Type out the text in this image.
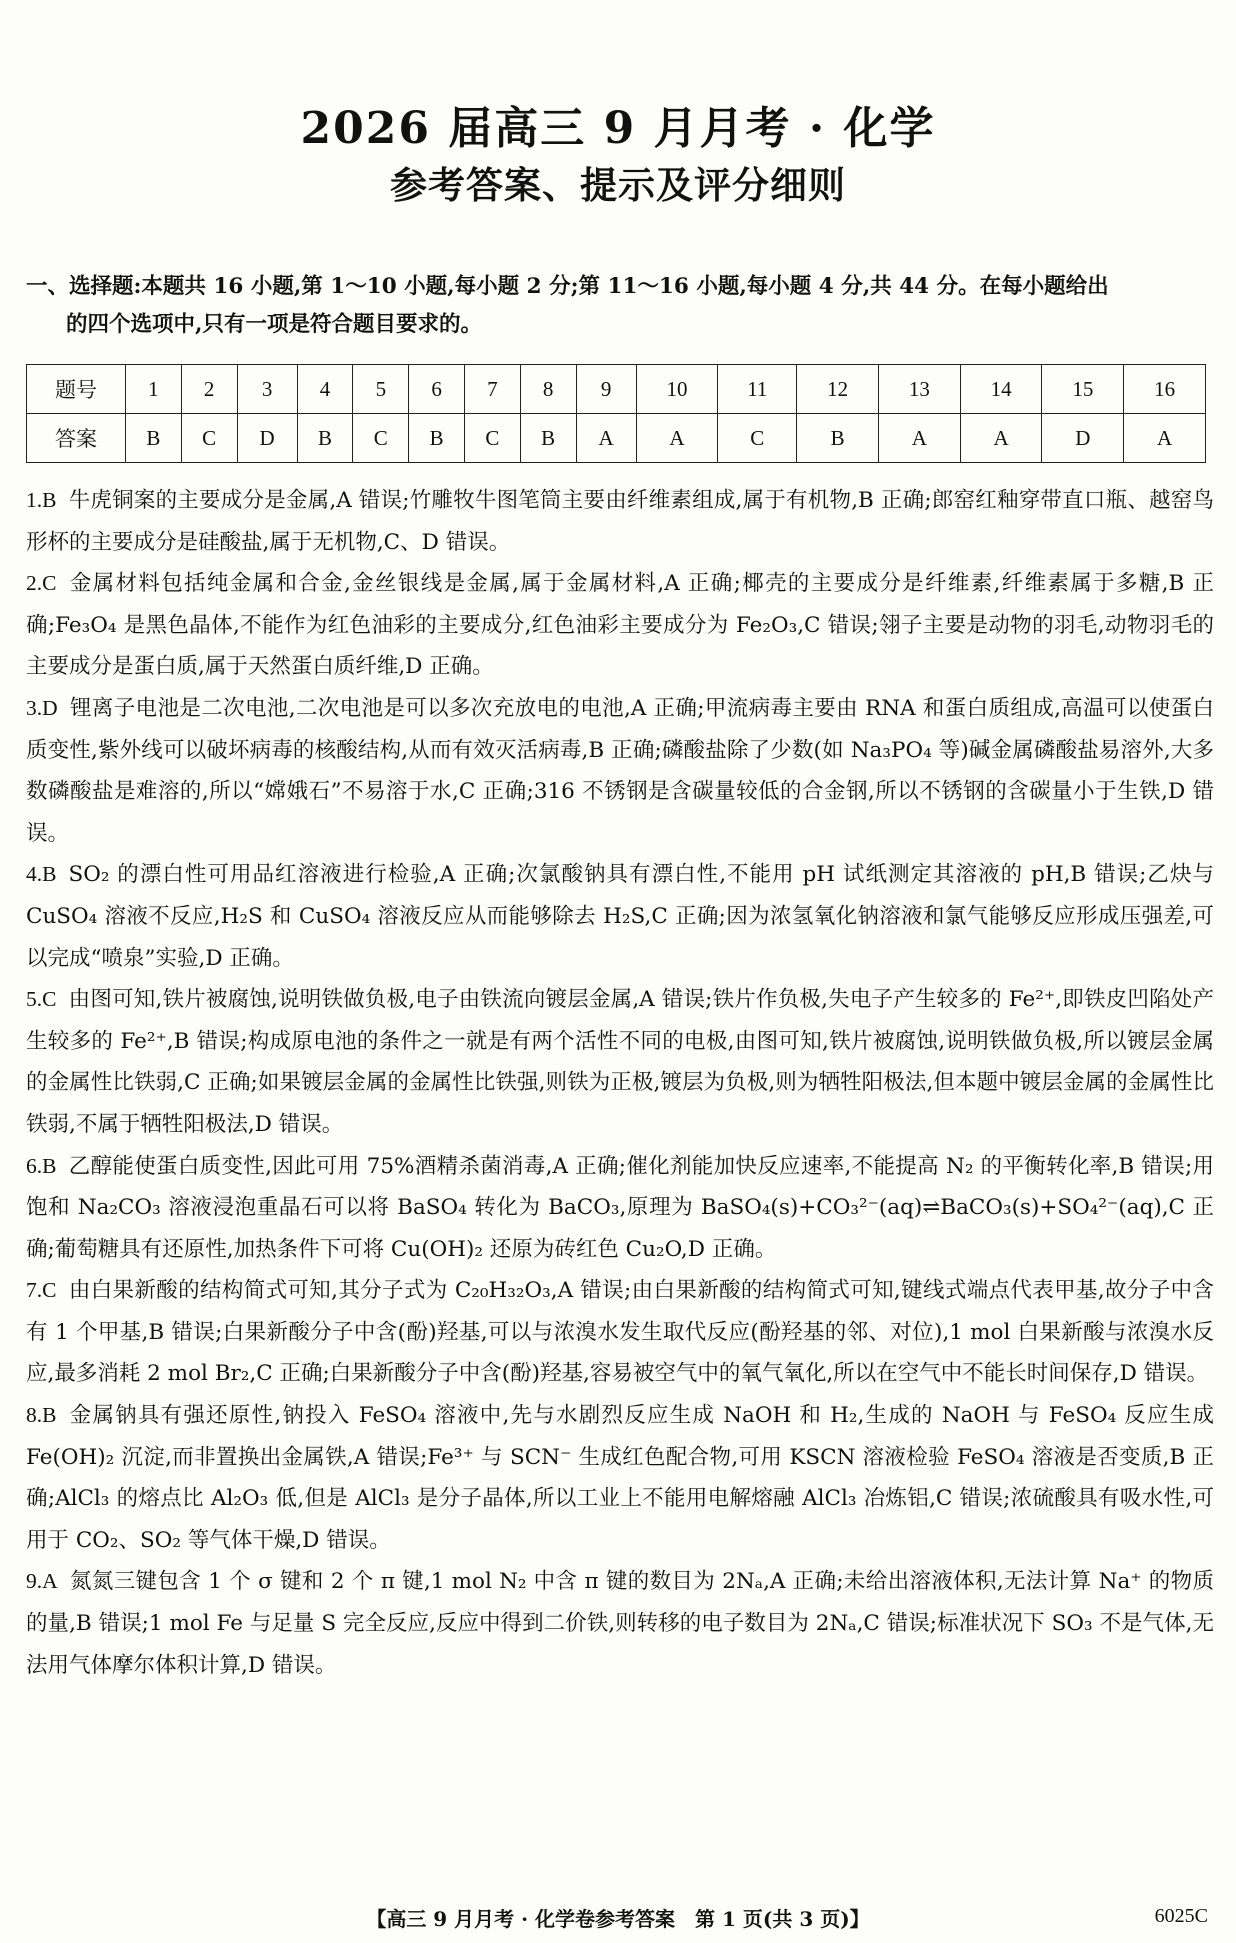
2026 届高三 9 月月考 · 化学
参考答案、提示及评分细则
一、选择题:本题共 16 小题,第 1～10 小题,每小题 2 分;第 11～16 小题,每小题 4 分,共 44 分。在每小题给出
的四个选项中,只有一项是符合题目要求的。
题号	1	2	3	4	5	6	7	8	9	10	11	12	13	14	15	16
答案	B	C	D	B	C	B	C	B	A	A	C	B	A	A	D	A

1.B 牛虎铜案的主要成分是金属,A 错误;竹雕牧牛图笔筒主要由纤维素组成,属于有机物,B 正确;郎窑红釉穿带直口瓶、越窑鸟形杯的主要成分是硅酸盐,属于无机物,C、D 错误。

2.C 金属材料包括纯金属和合金,金丝银线是金属,属于金属材料,A 正确;椰壳的主要成分是纤维素,纤维素属于多糖,B 正确;Fe₃O₄ 是黑色晶体,不能作为红色油彩的主要成分,红色油彩主要成分为 Fe₂O₃,C 错误;翎子主要是动物的羽毛,动物羽毛的主要成分是蛋白质,属于天然蛋白质纤维,D 正确。

3.D 锂离子电池是二次电池,二次电池是可以多次充放电的电池,A 正确;甲流病毒主要由 RNA 和蛋白质组成,高温可以使蛋白质变性,紫外线可以破坏病毒的核酸结构,从而有效灭活病毒,B 正确;磷酸盐除了少数(如 Na₃PO₄ 等)碱金属磷酸盐易溶外,大多数磷酸盐是难溶的,所以“嫦娥石”不易溶于水,C 正确;316 不锈钢是含碳量较低的合金钢,所以不锈钢的含碳量小于生铁,D 错误。

4.B SO₂ 的漂白性可用品红溶液进行检验,A 正确;次氯酸钠具有漂白性,不能用 pH 试纸测定其溶液的 pH,B 错误;乙炔与 CuSO₄ 溶液不反应,H₂S 和 CuSO₄ 溶液反应从而能够除去 H₂S,C 正确;因为浓氢氧化钠溶液和氯气能够反应形成压强差,可以完成“喷泉”实验,D 正确。

5.C 由图可知,铁片被腐蚀,说明铁做负极,电子由铁流向镀层金属,A 错误;铁片作负极,失电子产生较多的 Fe²⁺,即铁皮凹陷处产生较多的 Fe²⁺,B 错误;构成原电池的条件之一就是有两个活性不同的电极,由图可知,铁片被腐蚀,说明铁做负极,所以镀层金属的金属性比铁弱,C 正确;如果镀层金属的金属性比铁强,则铁为正极,镀层为负极,则为牺牲阳极法,但本题中镀层金属的金属性比铁弱,不属于牺牲阳极法,D 错误。

6.B 乙醇能使蛋白质变性,因此可用 75%酒精杀菌消毒,A 正确;催化剂能加快反应速率,不能提高 N₂ 的平衡转化率,B 错误;用饱和 Na₂CO₃ 溶液浸泡重晶石可以将 BaSO₄ 转化为 BaCO₃,原理为 BaSO₄(s)+CO₃²⁻(aq)⇌BaCO₃(s)+SO₄²⁻(aq),C 正确;葡萄糖具有还原性,加热条件下可将 Cu(OH)₂ 还原为砖红色 Cu₂O,D 正确。

7.C 由白果新酸的结构简式可知,其分子式为 C₂₀H₃₂O₃,A 错误;由白果新酸的结构简式可知,键线式端点代表甲基,故分子中含有 1 个甲基,B 错误;白果新酸分子中含(酚)羟基,可以与浓溴水发生取代反应(酚羟基的邻、对位),1 mol 白果新酸与浓溴水反应,最多消耗 2 mol Br₂,C 正确;白果新酸分子中含(酚)羟基,容易被空气中的氧气氧化,所以在空气中不能长时间保存,D 错误。

8.B 金属钠具有强还原性,钠投入 FeSO₄ 溶液中,先与水剧烈反应生成 NaOH 和 H₂,生成的 NaOH 与 FeSO₄ 反应生成 Fe(OH)₂ 沉淀,而非置换出金属铁,A 错误;Fe³⁺ 与 SCN⁻ 生成红色配合物,可用 KSCN 溶液检验 FeSO₄ 溶液是否变质,B 正确;AlCl₃ 的熔点比 Al₂O₃ 低,但是 AlCl₃ 是分子晶体,所以工业上不能用电解熔融 AlCl₃ 冶炼铝,C 错误;浓硫酸具有吸水性,可用于 CO₂、SO₂ 等气体干燥,D 错误。

9.A 氮氮三键包含 1 个 σ 键和 2 个 π 键,1 mol N₂ 中含 π 键的数目为 2Nₐ,A 正确;未给出溶液体积,无法计算 Na⁺ 的物质的量,B 错误;1 mol Fe 与足量 S 完全反应,反应中得到二价铁,则转移的电子数目为 2Nₐ,C 错误;标准状况下 SO₃ 不是气体,无法用气体摩尔体积计算,D 错误。

【高三 9 月月考 · 化学卷参考答案　第 1 页(共 3 页)】	6025C
